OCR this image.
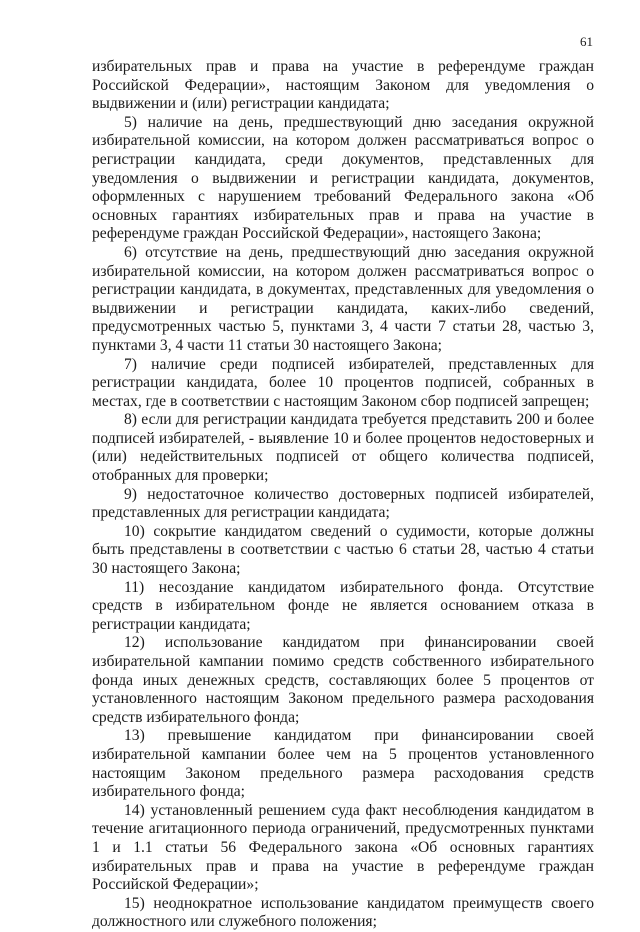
61

избирательных прав и права на участие в референдуме граждан Российской Федерации», настоящим Законом для уведомления о выдвижении и (или) регистрации кандидата;

5) наличие на день, предшествующий дню заседания окружной избирательной комиссии, на котором должен рассматриваться вопрос о регистрации кандидата, среди документов, представленных для уведомления о выдвижении и регистрации кандидата, документов, оформленных с нарушением требований Федерального закона «Об основных гарантиях избирательных прав и права на участие в референдуме граждан Российской Федерации», настоящего Закона;

6) отсутствие на день, предшествующий дню заседания окружной избирательной комиссии, на котором должен рассматриваться вопрос о регистрации кандидата, в документах, представленных для уведомления о выдвижении и регистрации кандидата, каких-либо сведений, предусмотренных частью 5, пунктами 3, 4 части 7 статьи 28, частью 3, пунктами 3, 4 части 11 статьи 30 настоящего Закона;

7) наличие среди подписей избирателей, представленных для регистрации кандидата, более 10 процентов подписей, собранных в местах, где в соответствии с настоящим Законом сбор подписей запрещен;

8) если для регистрации кандидата требуется представить 200 и более подписей избирателей, - выявление 10 и более процентов недостоверных и (или) недействительных подписей от общего количества подписей, отобранных для проверки;

9) недостаточное количество достоверных подписей избирателей, представленных для регистрации кандидата;

10) сокрытие кандидатом сведений о судимости, которые должны быть представлены в соответствии с частью 6 статьи 28, частью 4 статьи 30 настоящего Закона;

11) несоздание кандидатом избирательного фонда. Отсутствие средств в избирательном фонде не является основанием отказа в регистрации кандидата;

12) использование кандидатом при финансировании своей избирательной кампании помимо средств собственного избирательного фонда иных денежных средств, составляющих более 5 процентов от установленного настоящим Законом предельного размера расходования средств избирательного фонда;

13) превышение кандидатом при финансировании своей избирательной кампании более чем на 5 процентов установленного настоящим Законом предельного размера расходования средств избирательного фонда;

14) установленный решением суда факт несоблюдения кандидатом в течение агитационного периода ограничений, предусмотренных пунктами 1 и 1.1 статьи 56 Федерального закона «Об основных гарантиях избирательных прав и права на участие в референдуме граждан Российской Федерации»;

15) неоднократное использование кандидатом преимуществ своего должностного или служебного положения;
